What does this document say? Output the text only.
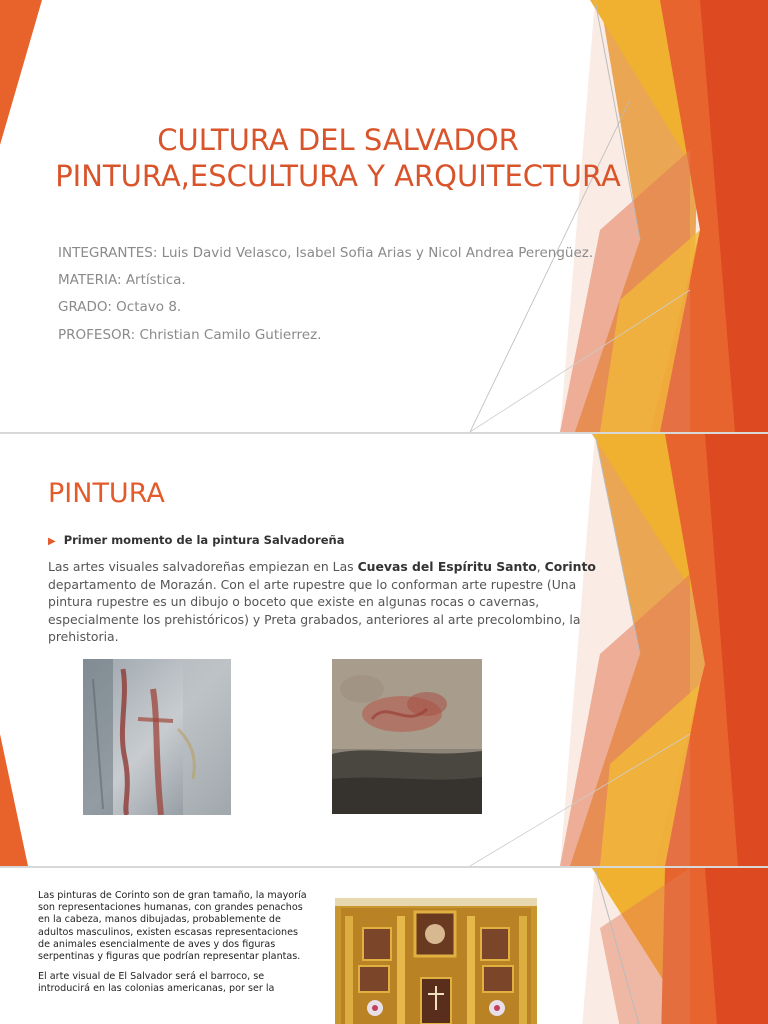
CULTURA DEL SALVADOR
PINTURA,ESCULTURA Y ARQUITECTURA
INTEGRANTES: Luis David Velasco, Isabel Sofia Arias y Nicol Andrea Perengüez.
MATERIA: Artística.
GRADO: Octavo 8.
PROFESOR: Christian Camilo Gutierrez.
PINTURA
▶ Primer momento de la pintura Salvadoreña
Las artes visuales salvadoreñas empiezan en Las Cuevas del Espíritu Santo, Corinto departamento de Morazán. Con el arte rupestre que lo conforman arte rupestre (Una pintura rupestre es un dibujo o boceto que existe en algunas rocas o cavernas, especialmente los prehistóricos) y Preta grabados, anteriores al arte precolombino, la prehistoria.

Las pinturas de Corinto son de gran tamaño, la mayoría son representaciones humanas, con grandes penachos en la cabeza, manos dibujadas, probablemente de adultos masculinos, existen escasas representaciones de animales esencialmente de aves y dos figuras serpentinas y figuras que podrían representar plantas.

El arte visual de El Salvador será el barroco, se introducirá en las colonias americanas, por ser la
